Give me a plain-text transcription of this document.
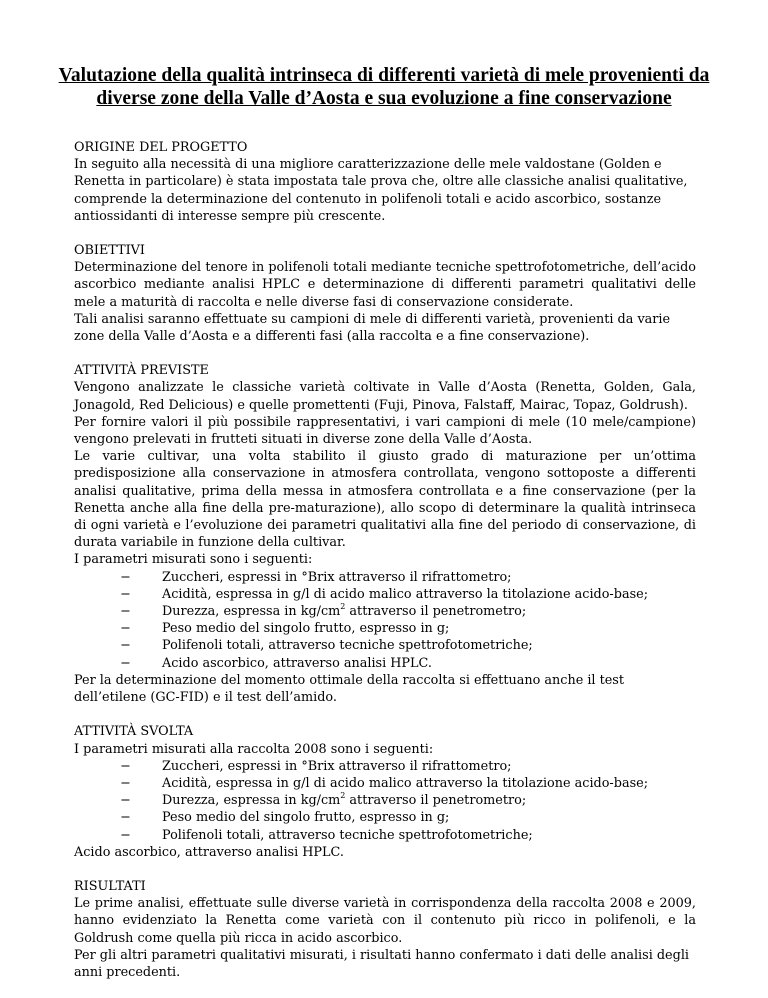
Valutazione della qualità intrinseca di differenti varietà di mele provenienti da
diverse zone della Valle d’Aosta e sua evoluzione a fine conservazione
ORIGINE DEL PROGETTO

In seguito alla necessità di una migliore caratterizzazione delle mele valdostane (Golden e Renetta in particolare) è stata impostata tale prova che, oltre alle classiche analisi qualitative, comprende la determinazione del contenuto in polifenoli totali e acido ascorbico, sostanze antiossidanti di interesse sempre più crescente.

OBIETTIVI

Determinazione del tenore in polifenoli totali mediante tecniche spettrofotometriche, dell’acido ascorbico mediante analisi HPLC e determinazione di differenti parametri qualitativi delle mele a maturità di raccolta e nelle diverse fasi di conservazione considerate.

Tali analisi saranno effettuate su campioni di mele di differenti varietà, provenienti da varie zone della Valle d’Aosta e a differenti fasi (alla raccolta e a fine conservazione).

ATTIVITÀ PREVISTE

Vengono analizzate le classiche varietà coltivate in Valle d’Aosta (Renetta, Golden, Gala, Jonagold, Red Delicious) e quelle promettenti (Fuji, Pinova, Falstaff, Mairac, Topaz, Goldrush).

Per fornire valori il più possibile rappresentativi, i vari campioni di mele (10 mele/campione) vengono prelevati in frutteti situati in diverse zone della Valle d’Aosta.

Le varie cultivar, una volta stabilito il giusto grado di maturazione per un’ottima predisposizione alla conservazione in atmosfera controllata, vengono sottoposte a differenti analisi qualitative, prima della messa in atmosfera controllata e a fine conservazione (per la Renetta anche alla fine della pre-maturazione), allo scopo di determinare la qualità intrinseca di ogni varietà e l’evoluzione dei parametri qualitativi alla fine del periodo di conservazione, di durata variabile in funzione della cultivar.

I parametri misurati sono i seguenti:

− Zuccheri, espressi in °Brix attraverso il rifrattometro;
− Acidità, espressa in g/l di acido malico attraverso la titolazione acido-base;
− Durezza, espressa in $kg/cm^2$ attraverso il penetrometro;
− Peso medio del singolo frutto, espresso in g;
− Polifenoli totali, attraverso tecniche spettrofotometriche;
− Acido ascorbico, attraverso analisi HPLC.

Per la determinazione del momento ottimale della raccolta si effettuano anche il test dell’etilene (GC-FID) e il test dell’amido.

ATTIVITÀ SVOLTA

I parametri misurati alla raccolta 2008 sono i seguenti:

− Zuccheri, espressi in °Brix attraverso il rifrattometro;
− Acidità, espressa in g/l di acido malico attraverso la titolazione acido-base;
− Durezza, espressa in $kg/cm^2$ attraverso il penetrometro;
− Peso medio del singolo frutto, espresso in g;
− Polifenoli totali, attraverso tecniche spettrofotometriche;

Acido ascorbico, attraverso analisi HPLC.

RISULTATI

Le prime analisi, effettuate sulle diverse varietà in corrispondenza della raccolta 2008 e 2009, hanno evidenziato la Renetta come varietà con il contenuto più ricco in polifenoli, e la Goldrush come quella più ricca in acido ascorbico.

Per gli altri parametri qualitativi misurati, i risultati hanno confermato i dati delle analisi degli anni precedenti.
